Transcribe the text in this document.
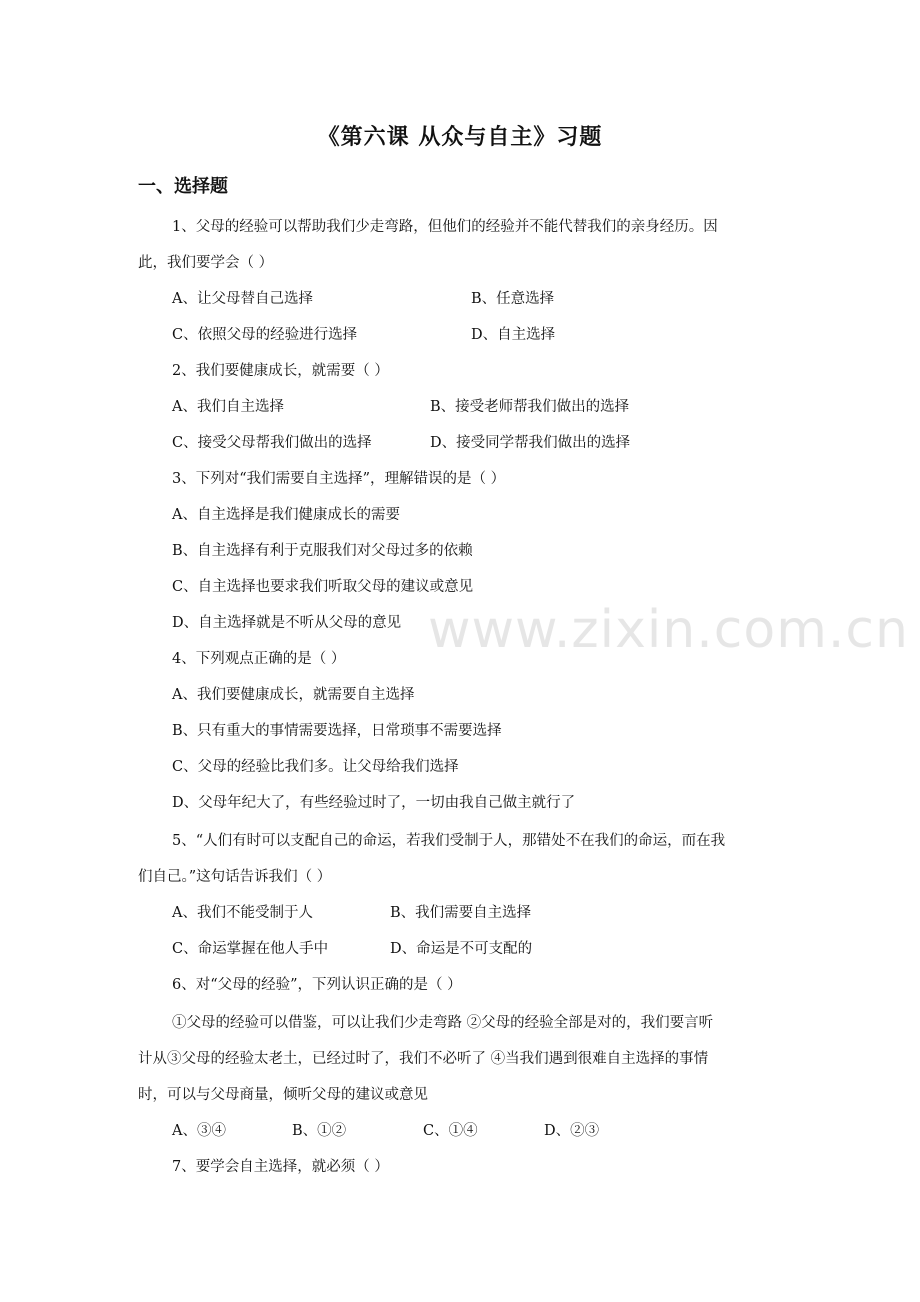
www.zixin.com.cn
《第六课 从众与自主》习题
一、选择题
1、父母的经验可以帮助我们少走弯路，但他们的经验并不能代替我们的亲身经历。因
此，我们要学会（ ）
A、让父母替自己选择	B、任意选择
C、依照父母的经验进行选择	D、自主选择
2、我们要健康成长，就需要（ ）
A、我们自主选择	B、接受老师帮我们做出的选择
C、接受父母帮我们做出的选择	D、接受同学帮我们做出的选择
3、下列对“我们需要自主选择”，理解错误的是（ ）
A、自主选择是我们健康成长的需要
B、自主选择有利于克服我们对父母过多的依赖
C、自主选择也要求我们听取父母的建议或意见
D、自主选择就是不听从父母的意见
4、下列观点正确的是（ ）
A、我们要健康成长，就需要自主选择
B、只有重大的事情需要选择，日常琐事不需要选择
C、父母的经验比我们多。让父母给我们选择
D、父母年纪大了，有些经验过时了，一切由我自己做主就行了
5、“人们有时可以支配自己的命运，若我们受制于人，那错处不在我们的命运，而在我
们自己。”这句话告诉我们（ ）
A、我们不能受制于人	B、我们需要自主选择
C、命运掌握在他人手中	D、命运是不可支配的
6、对“父母的经验”，下列认识正确的是（ ）
①父母的经验可以借鉴，可以让我们少走弯路 ②父母的经验全部是对的，我们要言听
计从③父母的经验太老土，已经过时了，我们不必听了 ④当我们遇到很难自主选择的事情
时，可以与父母商量，倾听父母的建议或意见
A、③④	B、①②	C、①④	D、②③
7、要学会自主选择，就必须（ ）
